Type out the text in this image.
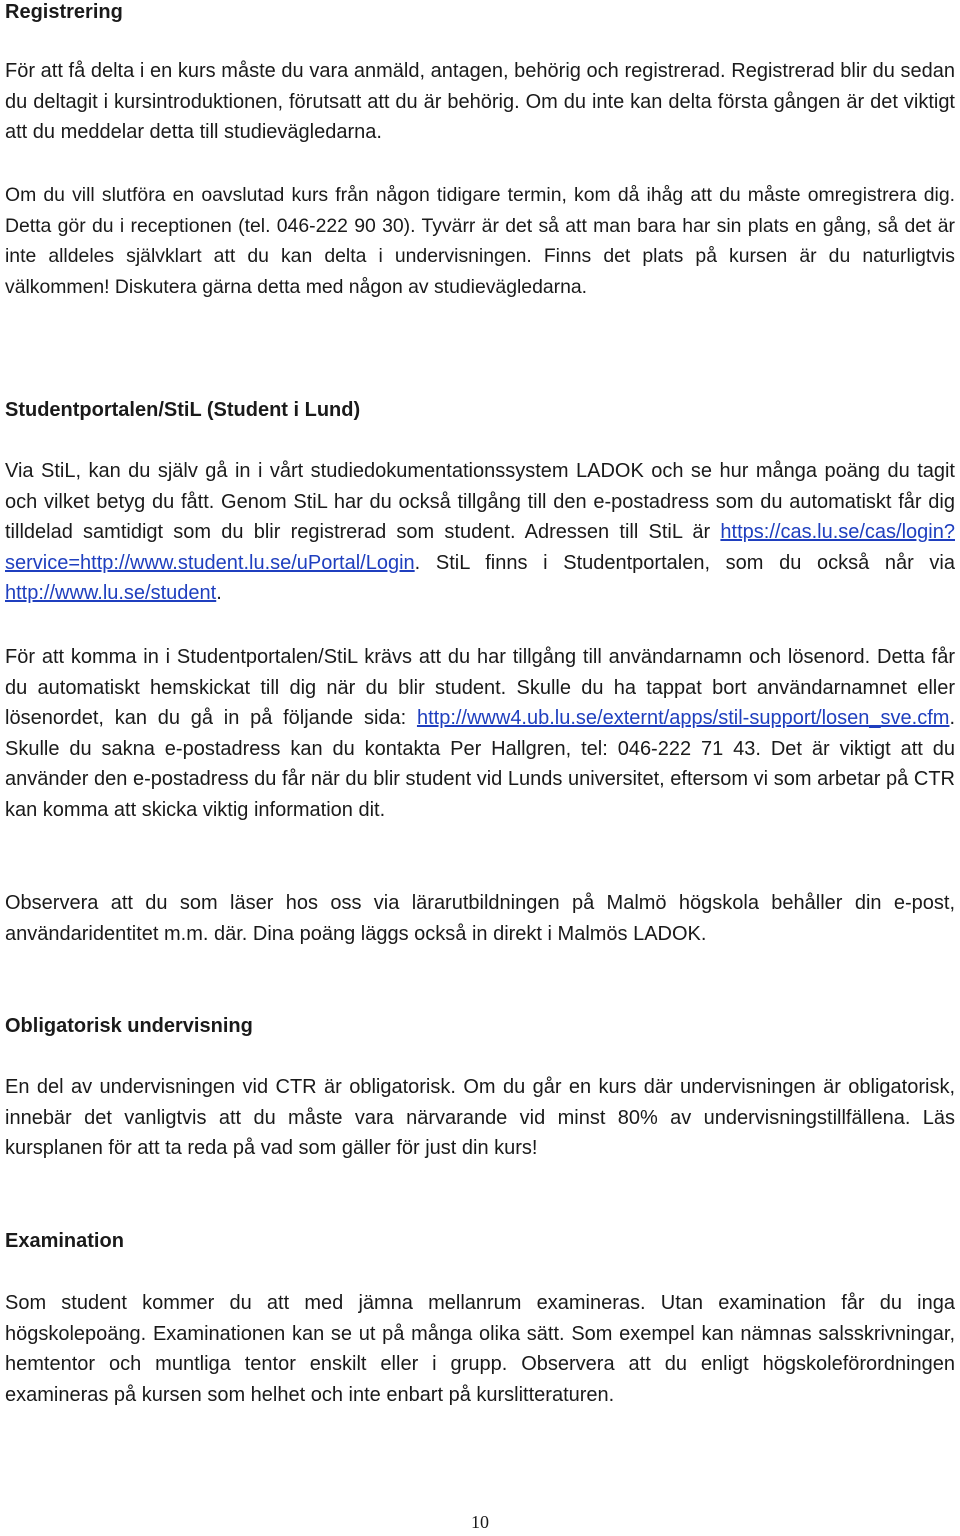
Registrering

För att få delta i en kurs måste du vara anmäld, antagen, behörig och registrerad. Registrerad blir du sedan du deltagit i kursintroduktionen, förutsatt att du är behörig. Om du inte kan delta första gången är det viktigt att du meddelar detta till studievägledarna.

Om du vill slutföra en oavslutad kurs från någon tidigare termin, kom då ihåg att du måste omregistrera dig. Detta gör du i receptionen (tel. 046-222 90 30). Tyvärr är det så att man bara har sin plats en gång, så det är inte alldeles självklart att du kan delta i undervisningen. Finns det plats på kursen är du naturligtvis välkommen! Diskutera gärna detta med någon av studievägledarna.

Studentportalen/StiL (Student i Lund)

Via StiL, kan du själv gå in i vårt studiedokumentationssystem LADOK och se hur många poäng du tagit och vilket betyg du fått. Genom StiL har du också tillgång till den e-postadress som du automatiskt får dig tilldelad samtidigt som du blir registrerad som student. Adressen till StiL är https://cas.lu.se/cas/login?service=http://www.student.lu.se/uPortal/Login. StiL finns i Studentportalen, som du också når via http://www.lu.se/student.

För att komma in i Studentportalen/StiL krävs att du har tillgång till användarnamn och lösenord. Detta får du automatiskt hemskickat till dig när du blir student. Skulle du ha tappat bort användarnamnet eller lösenordet, kan du gå in på följande sida: http://www4.ub.lu.se/externt/apps/stil-support/losen_sve.cfm. Skulle du sakna e-postadress kan du kontakta Per Hallgren, tel: 046-222 71 43. Det är viktigt att du använder den e-postadress du får när du blir student vid Lunds universitet, eftersom vi som arbetar på CTR kan komma att skicka viktig information dit.

Observera att du som läser hos oss via lärarutbildningen på Malmö högskola behåller din e-post, användaridentitet m.m. där. Dina poäng läggs också in direkt i Malmös LADOK.

Obligatorisk undervisning

En del av undervisningen vid CTR är obligatorisk. Om du går en kurs där undervisningen är obligatorisk, innebär det vanligtvis att du måste vara närvarande vid minst 80% av undervisningstillfällena. Läs kursplanen för att ta reda på vad som gäller för just din kurs!

Examination

Som student kommer du att med jämna mellanrum examineras. Utan examination får du inga högskolepoäng. Examinationen kan se ut på många olika sätt. Som exempel kan nämnas salsskrivningar, hemtentor och muntliga tentor enskilt eller i grupp. Observera att du enligt högskoleförordningen examineras på kursen som helhet och inte enbart på kurslitteraturen.

10
